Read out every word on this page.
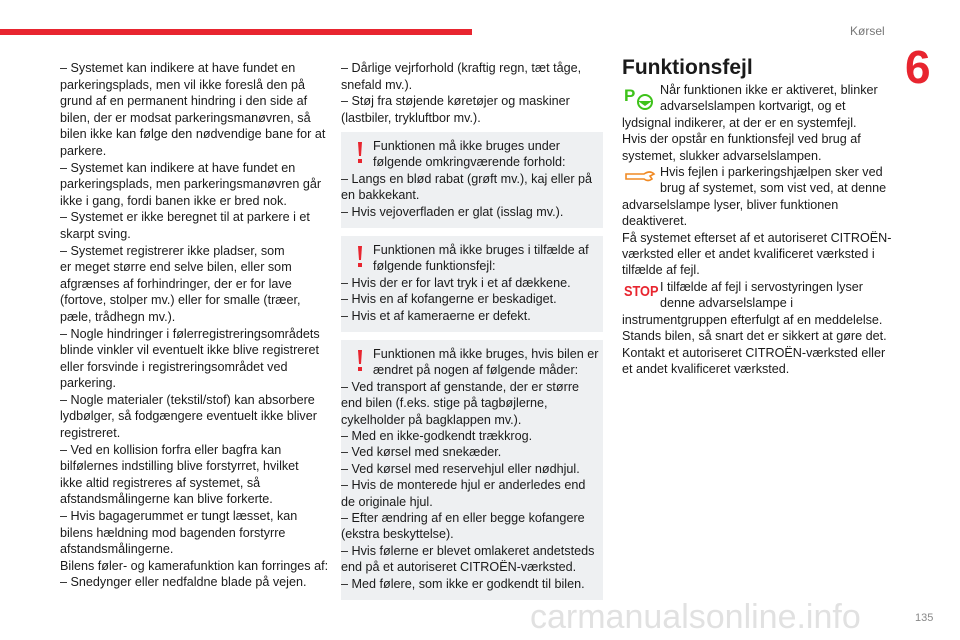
Kørsel
6
– Systemet kan indikere at have fundet en
parkeringsplads, men vil ikke foreslå den på
grund af en permanent hindring i den side af
bilen, der er modsat parkeringsmanøvren, så
bilen ikke kan følge den nødvendige bane for at
parkere.
– Systemet kan indikere at have fundet en
parkeringsplads, men parkeringsmanøvren går
ikke i gang, fordi banen ikke er bred nok.
– Systemet er ikke beregnet til at parkere i et
skarpt sving.
– Systemet registrerer ikke pladser, som
er meget større end selve bilen, eller som
afgrænses af forhindringer, der er for lave
(fortove, stolper mv.) eller for smalle (træer,
pæle, trådhegn mv.).
– Nogle hindringer i følerregistreringsområdets
blinde vinkler vil eventuelt ikke blive registreret
eller forsvinde i registreringsområdet ved
parkering.
– Nogle materialer (tekstil/stof) kan absorbere
lydbølger, så fodgængere eventuelt ikke bliver
registreret.
– Ved en kollision forfra eller bagfra kan
bilfølernes indstilling blive forstyrret, hvilket
ikke altid registreres af systemet, så
afstandsmålingerne kan blive forkerte.
– Hvis bagagerummet er tungt læsset, kan
bilens hældning mod bagenden forstyrre
afstandsmålingerne.
Bilens føler- og kamerafunktion kan forringes af:
– Snedynger eller nedfaldne blade på vejen.
– Dårlige vejrforhold (kraftig regn, tæt tåge,
snefald mv.).
– Støj fra støjende køretøjer og maskiner
(lastbiler, trykluftbor mv.).
Funktionen må ikke bruges under
følgende omkringværende forhold:
– Langs en blød rabat (grøft mv.), kaj eller på
en bakkekant.
– Hvis vejoverfladen er glat (isslag mv.).
Funktionen må ikke bruges i tilfælde af
følgende funktionsfejl:
– Hvis der er for lavt tryk i et af dækkene.
– Hvis en af kofangerne er beskadiget.
– Hvis et af kameraerne er defekt.
Funktionen må ikke bruges, hvis bilen er
ændret på nogen af følgende måder:
– Ved transport af genstande, der er større
end bilen (f.eks. stige på tagbøjlerne,
cykelholder på bagklappen mv.).
– Med en ikke-godkendt trækkrog.
– Ved kørsel med snekæder.
– Ved kørsel med reservehjul eller nødhjul.
– Hvis de monterede hjul er anderledes end
de originale hjul.
– Efter ændring af en eller begge kofangere
(ekstra beskyttelse).
– Hvis følerne er blevet omlakeret andetsteds
end på et autoriseret CITROËN-værksted.
– Med følere, som ikke er godkendt til bilen.
Funktionsfejl
Når funktionen ikke er aktiveret, blinker
advarselslampen kortvarigt, og et
lydsignal indikerer, at der er en systemfejl.
Hvis der opstår en funktionsfejl ved brug af
systemet, slukker advarselslampen.
Hvis fejlen i parkeringshjælpen sker ved
brug af systemet, som vist ved, at denne
advarselslampe lyser, bliver funktionen
deaktiveret.
Få systemet efterset af et autoriseret CITROËN-
værksted eller et andet kvalificeret værksted i
tilfælde af fejl.
I tilfælde af fejl i servostyringen lyser
denne advarselslampe i
instrumentgruppen efterfulgt af en meddelelse.
Stands bilen, så snart det er sikkert at gøre det.
Kontakt et autoriseret CITROËN-værksted eller
et andet kvalificeret værksted.
P
STOP
carmanualsonline.info	135
